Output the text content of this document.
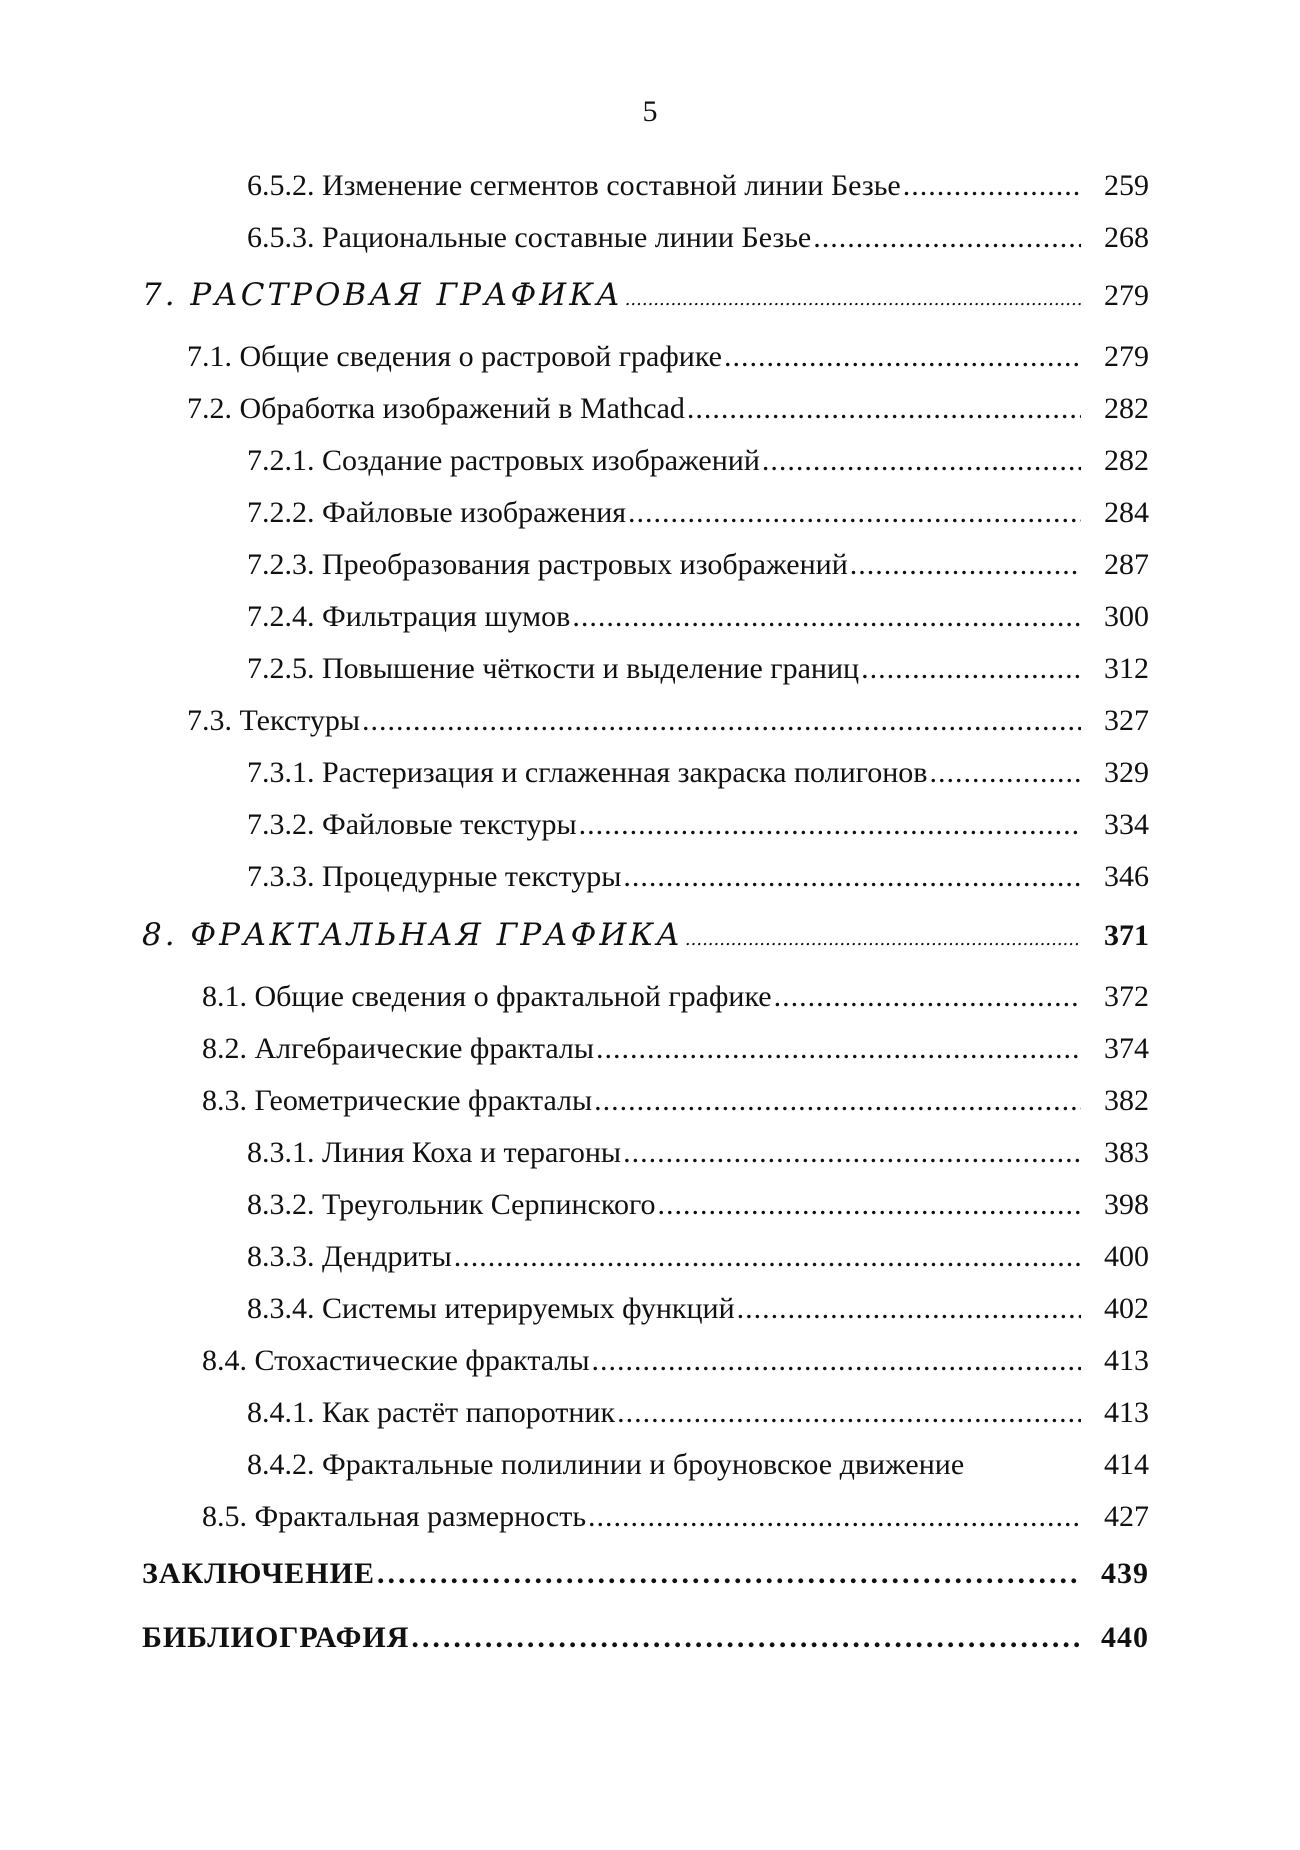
5
6.5.2. Изменение сегментов составной линии Безье .....	259
6.5.3. Рациональные составные линии Безье .....	268
7. РАСТРОВАЯ ГРАФИКА .....	279
7.1. Общие сведения о растровой графике .....	279
7.2. Обработка изображений в Mathcad .....	282
7.2.1. Создание растровых изображений .....	282
7.2.2. Файловые изображения .....	284
7.2.3. Преобразования растровых изображений .....	287
7.2.4. Фильтрация шумов .....	300
7.2.5. Повышение чёткости и выделение границ .....	312
7.3. Текстуры .....	327
7.3.1. Растеризация и сглаженная закраска полигонов .....	329
7.3.2. Файловые текстуры .....	334
7.3.3. Процедурные текстуры .....	346
8. ФРАКТАЛЬНАЯ ГРАФИКА .....	371
8.1. Общие сведения о фрактальной графике .....	372
8.2. Алгебраические фракталы .....	374
8.3. Геометрические фракталы .....	382
8.3.1. Линия Коха и терагоны .....	383
8.3.2. Треугольник Серпинского .....	398
8.3.3. Дендриты .....	400
8.3.4. Системы итерируемых функций .....	402
8.4. Стохастические фракталы .....	413
8.4.1. Как растёт папоротник .....	413
8.4.2. Фрактальные полилинии и броуновское движение	414
8.5. Фрактальная размерность .....	427
ЗАКЛЮЧЕНИЕ .....	439
БИБЛИОГРАФИЯ .....	440
